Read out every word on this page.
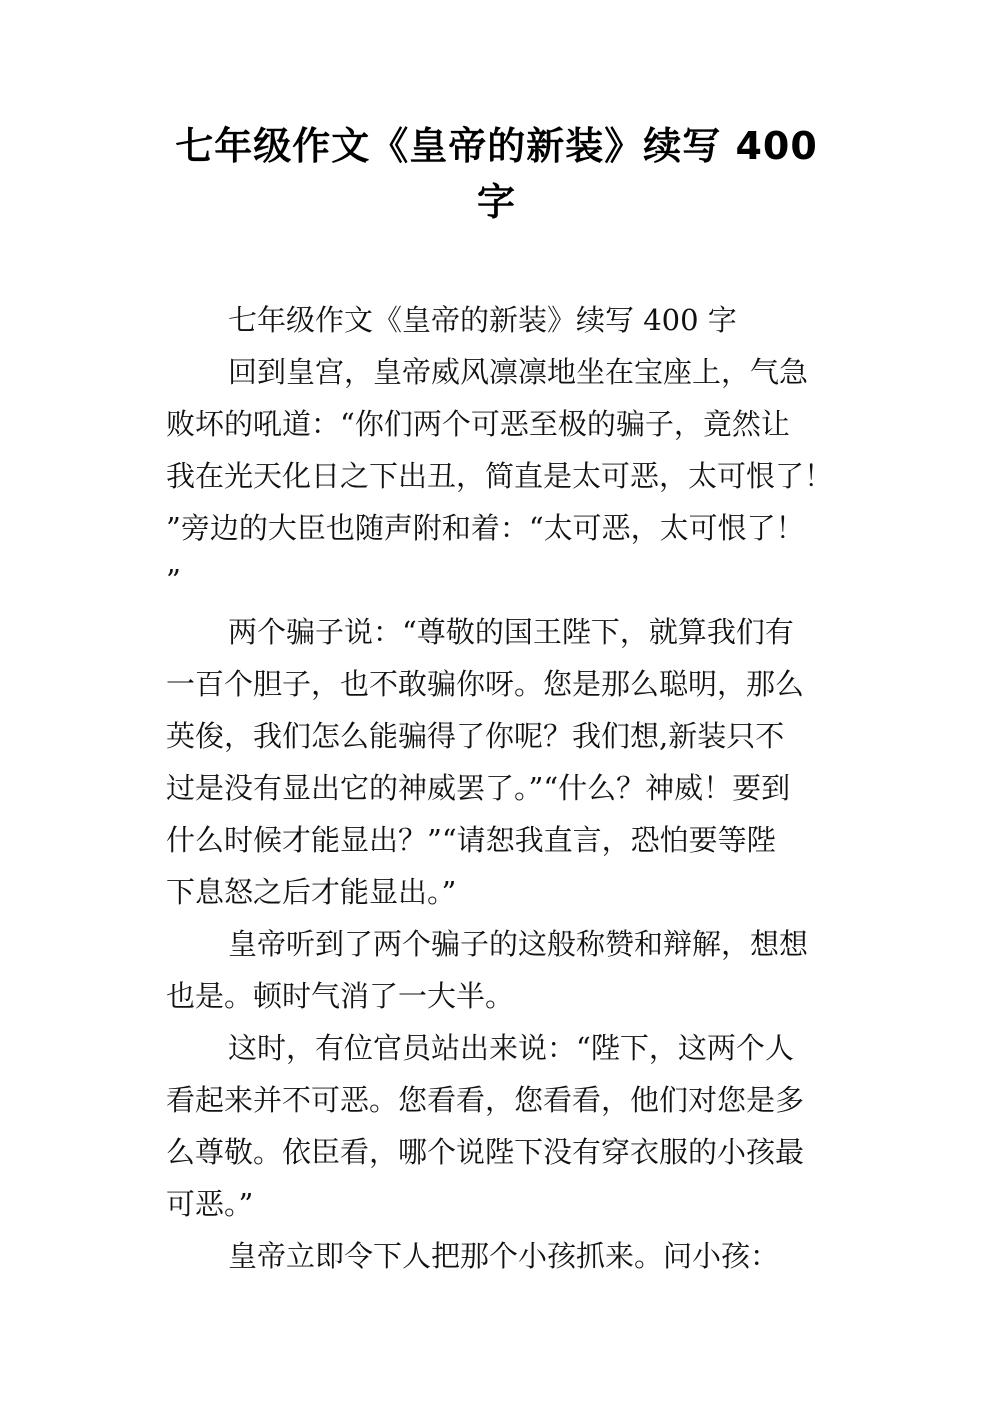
七年级作文《皇帝的新装》续写 400
字
七年级作文《皇帝的新装》续写 400 字
回到皇宫，皇帝威风凛凛地坐在宝座上，气急
败坏的吼道：“你们两个可恶至极的骗子，竟然让
我在光天化日之下出丑，简直是太可恶，太可恨了！
”旁边的大臣也随声附和着：“太可恶，太可恨了！
”
两个骗子说：“尊敬的国王陛下，就算我们有
一百个胆子，也不敢骗你呀。您是那么聪明，那么
英俊，我们怎么能骗得了你呢？我们想,新装只不
过是没有显出它的神威罢了。”“什么？神威！要到
什么时候才能显出？”“请恕我直言，恐怕要等陛
下息怒之后才能显出。”
皇帝听到了两个骗子的这般称赞和辩解，想想
也是。顿时气消了一大半。
这时，有位官员站出来说：“陛下，这两个人
看起来并不可恶。您看看，您看看，他们对您是多
么尊敬。依臣看，哪个说陛下没有穿衣服的小孩最
可恶。”
皇帝立即令下人把那个小孩抓来。问小孩：
